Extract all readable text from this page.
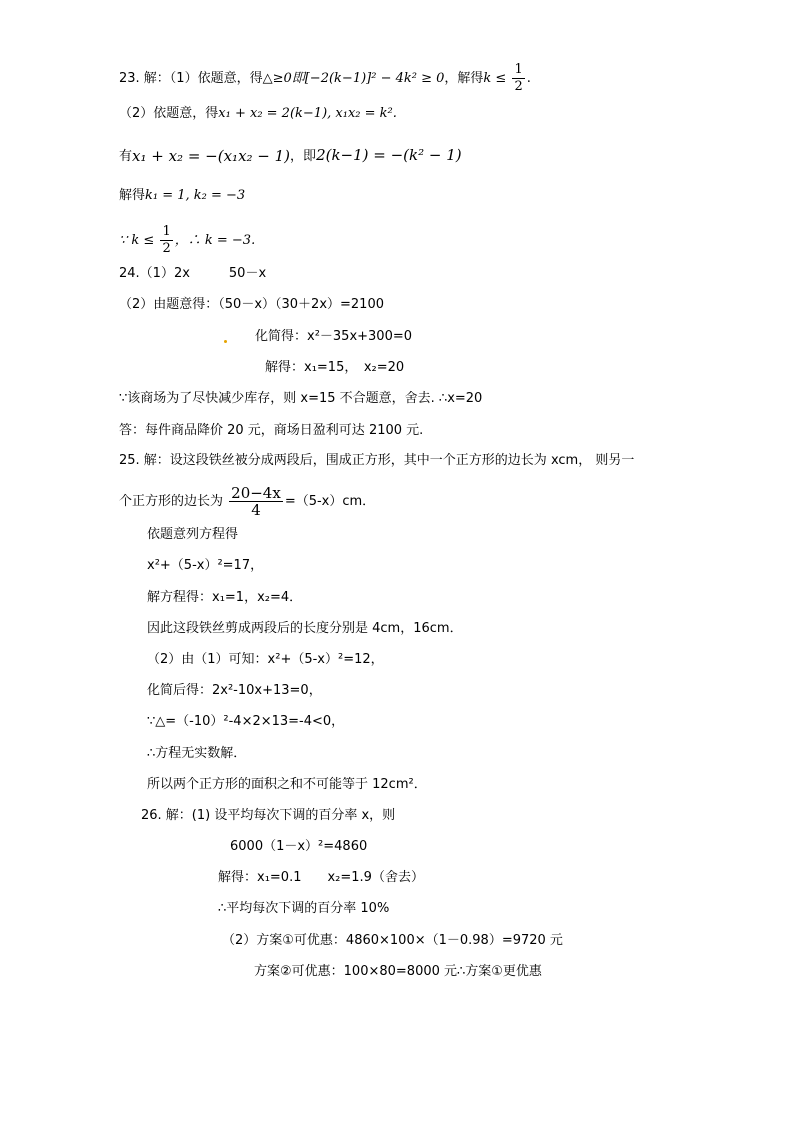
23. 解：（1）依题意，得△≥0即[−2(k−1)]² − 4k² ≥ 0，解得$k \le \frac{1}{2}$ .
（2）依题意，得x₁ + x₂ = 2(k−1), x₁x₂ = k².
有x₁ + x₂ = −(x₁x₂ − 1)，即2(k−1) = −(k² − 1)
解得k₁ = 1, k₂ = −3
∵ $k \le \frac{1}{2}$ ，∴ k = −3.
24.（1）2x　　　50－x
（2）由题意得：（50－x）（30＋2x）=2100
化简得：x²－35x+300=0
解得：x₁=15，　x₂=20
∵该商场为了尽快减少库存，则 x=15 不合题意，舍去. ∴x=20
答：每件商品降价 20 元，商场日盈利可达 2100 元.
25. 解：设这段铁丝被分成两段后，围成正方形，其中一个正方形的边长为 xcm， 则另一
个正方形的边长为 $\frac{20-4x}{4} =(5-x)cm$．
依题意列方程得
x²+（5-x）²=17，
解方程得：x₁=1，x₂=4．
因此这段铁丝剪成两段后的长度分别是 4cm，16cm．
（2）由（1）可知：x²+（5-x）²=12，
化简后得：2x²-10x+13=0，
∵△=（-10）²-4×2×13=-4<0，
∴方程无实数解．
所以两个正方形的面积之和不可能等于 12cm²．
26. 解：(1) 设平均每次下调的百分率 x，则
6000（1－x）²=4860
解得：x₁=0.1　　x₂=1.9（舍去）
∴平均每次下调的百分率 10%
（2）方案①可优惠：4860×100×（1－0.98）=9720 元
方案②可优惠：100×80=8000 元∴方案①更优惠
